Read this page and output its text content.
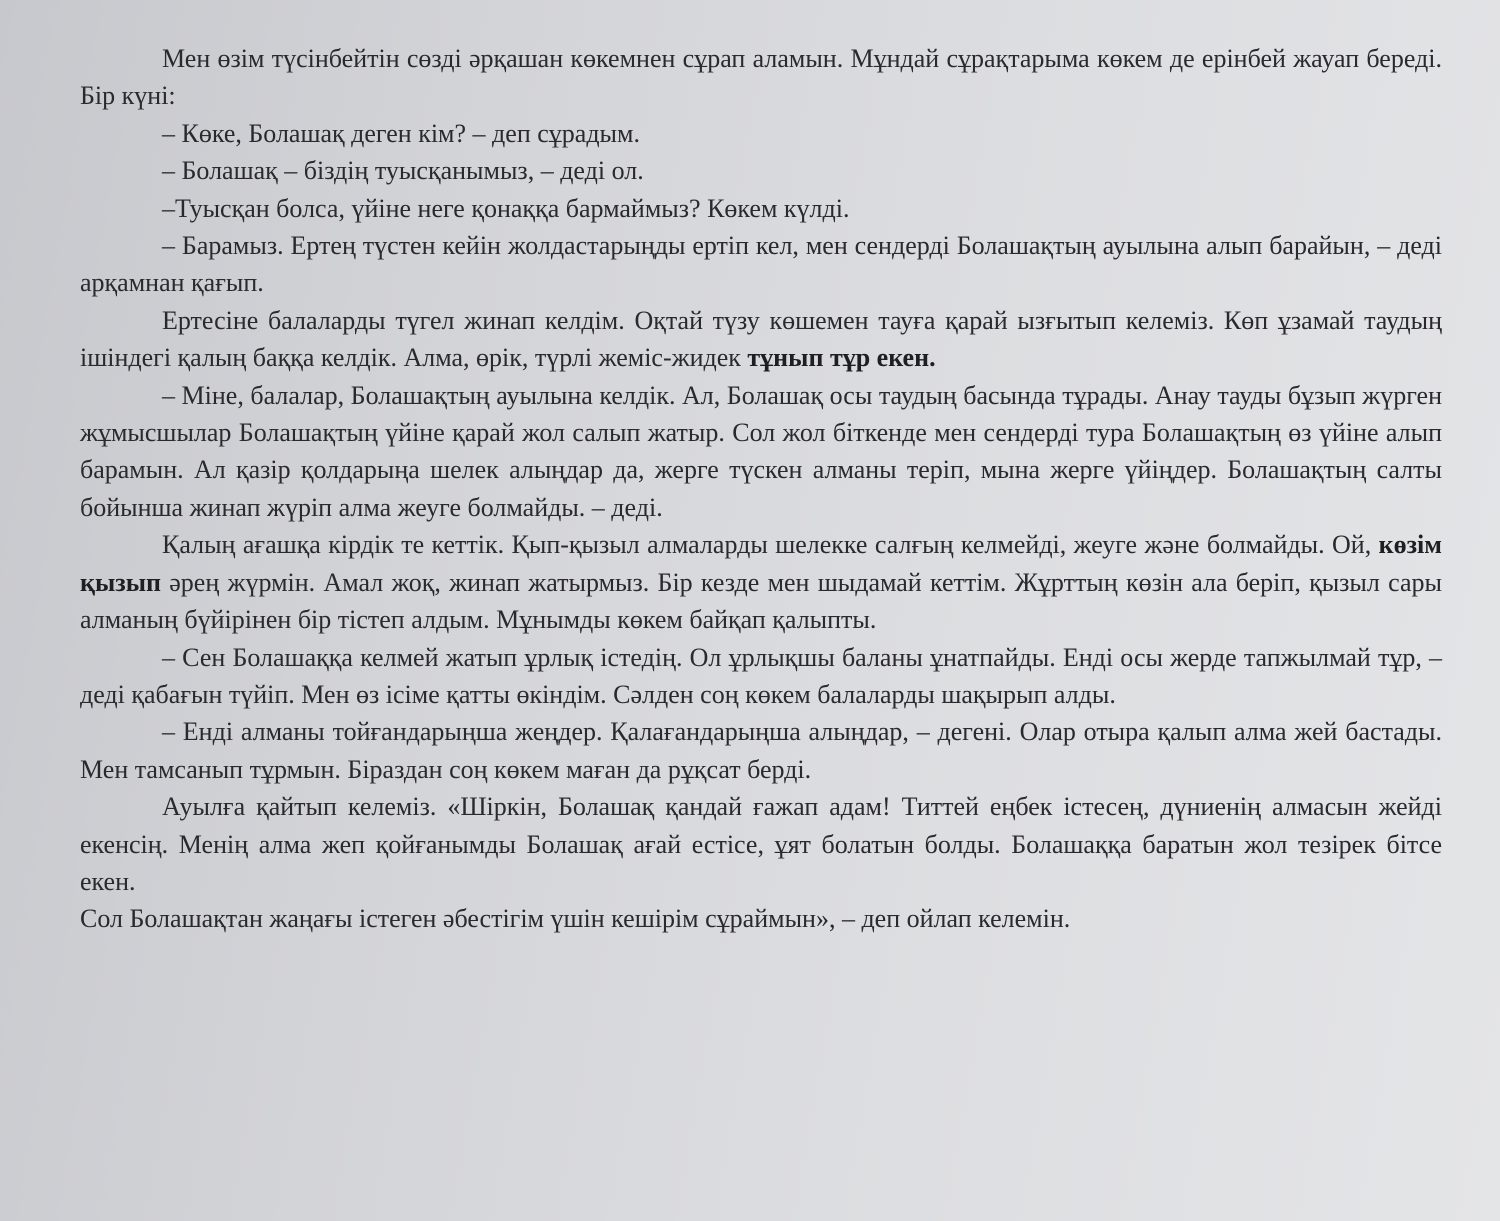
Мен өзім түсінбейтін сөзді әрқашан көкемнен сұрап аламын. Мұндай сұрақтарыма көкем де ерінбей жауап береді. Бір күні:

– Көке, Болашақ деген кім? – деп сұрадым.

– Болашақ – біздің туысқанымыз, – деді ол.

–Туысқан болса, үйіне неге қонаққа бармаймыз? Көкем күлді.

– Барамыз. Ертең түстен кейін жолдастарыңды ертіп кел, мен сендерді Болашақтың ауылына алып барайын, – деді арқамнан қағып.

Ертесіне балаларды түгел жинап келдім. Оқтай түзу көшемен тауға қарай ызғытып келеміз. Көп ұзамай таудың ішіндегі қалың баққа келдік. Алма, өрік, түрлі жеміс-жидек тұнып тұр екен.

– Міне, балалар, Болашақтың ауылына келдік. Ал, Болашақ осы таудың басында тұрады. Анау тауды бұзып жүрген жұмысшылар Болашақтың үйіне қарай жол салып жатыр. Сол жол біткенде мен сендерді тура Болашақтың өз үйіне алып барамын. Ал қазір қолдарыңа шелек алыңдар да, жерге түскен алманы теріп, мына жерге үйіңдер. Болашақтың салты бойынша жинап жүріп алма жеуге болмайды. – деді.

Қалың ағашқа кірдік те кеттік. Қып-қызыл алмаларды шелекке салғың келмейді, жеуге және болмайды. Ой, көзім қызып әрең жүрмін. Амал жоқ, жинап жатырмыз. Бір кезде мен шыдамай кеттім. Жұрттың көзін ала беріп, қызыл сары алманың бүйірінен бір тістеп алдым. Мұнымды көкем байқап қалыпты.

– Сен Болашаққа келмей жатып ұрлық істедің. Ол ұрлықшы баланы ұнатпайды. Енді осы жерде тапжылмай тұр, – деді қабағын түйіп. Мен өз ісіме қатты өкіндім. Сәлден соң көкем балаларды шақырып алды.

– Енді алманы тойғандарыңша жеңдер. Қалағандарыңша алыңдар, – дегені. Олар отыра қалып алма жей бастады. Мен тамсанып тұрмын. Біраздан соң көкем маған да рұқсат берді.

Ауылға қайтып келеміз. «Шіркін, Болашақ қандай ғажап адам! Титтей еңбек істесең, дүниенің алмасын жейді екенсің. Менің алма жеп қойғанымды Болашақ ағай естісе, ұят болатын болды. Болашаққа баратын жол тезірек бітсе екен.

Сол Болашақтан жаңағы істеген әбестігім үшін кешірім сұраймын», – деп ойлап келемін.
